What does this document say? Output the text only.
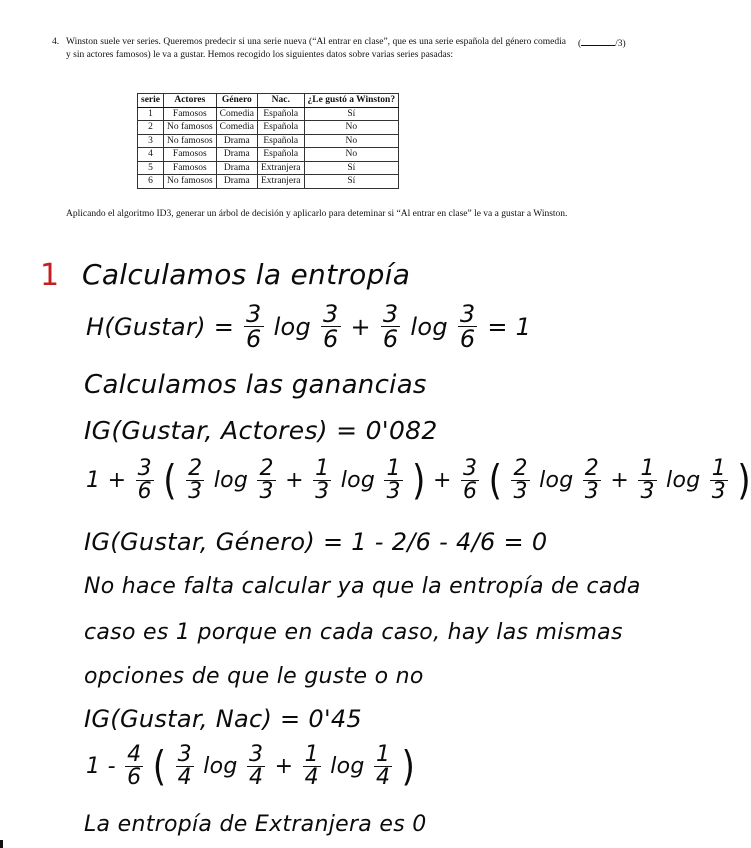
4. Winston suele ver series. Queremos predecir si una serie nueva (“Al entrar en clase”, que es una serie española del género comedia y sin actores famosos) le va a gustar. Hemos recogido los siguientes datos sobre varias series pasadas:
(	/3)
serie	Actores	Género	Nac.	¿Le gustó a Winston?
1	Famosos	Comedia	Española	Sí
2	No famosos	Comedia	Española	No
3	No famosos	Drama	Española	No
4	Famosos	Drama	Española	No
5	Famosos	Drama	Extranjera	Sí
6	No famosos	Drama	Extranjera	Sí
Aplicando el algoritmo ID3, generar un árbol de decisión y aplicarlo para deteminar si “Al entrar en clase” le va a gustar a Winston.
1 Calculamos la entropía
H(Gustar) = $\frac{3}{6}$ $\log \frac{3}{6} + \frac{3}{6}$ $\log \frac{3}{6} = 1$
Calculamos las ganancias
IG(Gustar, Actores) = 0'082
$1 + \frac{3}{6}$ ( $\frac{2}{3}$ $\log \frac{2}{3} + \frac{1}{3}$ $\log \frac{1}{3}$ ) + $\frac{3}{6}$ ( $\frac{2}{3}$ $\log \frac{2}{3} + \frac{1}{3}$ $\log \frac{1}{3}$ )
IG(Gustar, Género) = 1 - 2/6 - 4/6 = 0
No hace falta calcular ya que la entropía de cada
caso es 1 porque en cada caso, hay las mismas
opciones de que le guste o no
IG(Gustar, Nac) = 0'45
$1 - \frac{4}{6}$ ( $\frac{3}{4}$ $\log \frac{3}{4} + \frac{1}{4}$ $\log \frac{1}{4}$ )
La entropía de Extranjera es 0
